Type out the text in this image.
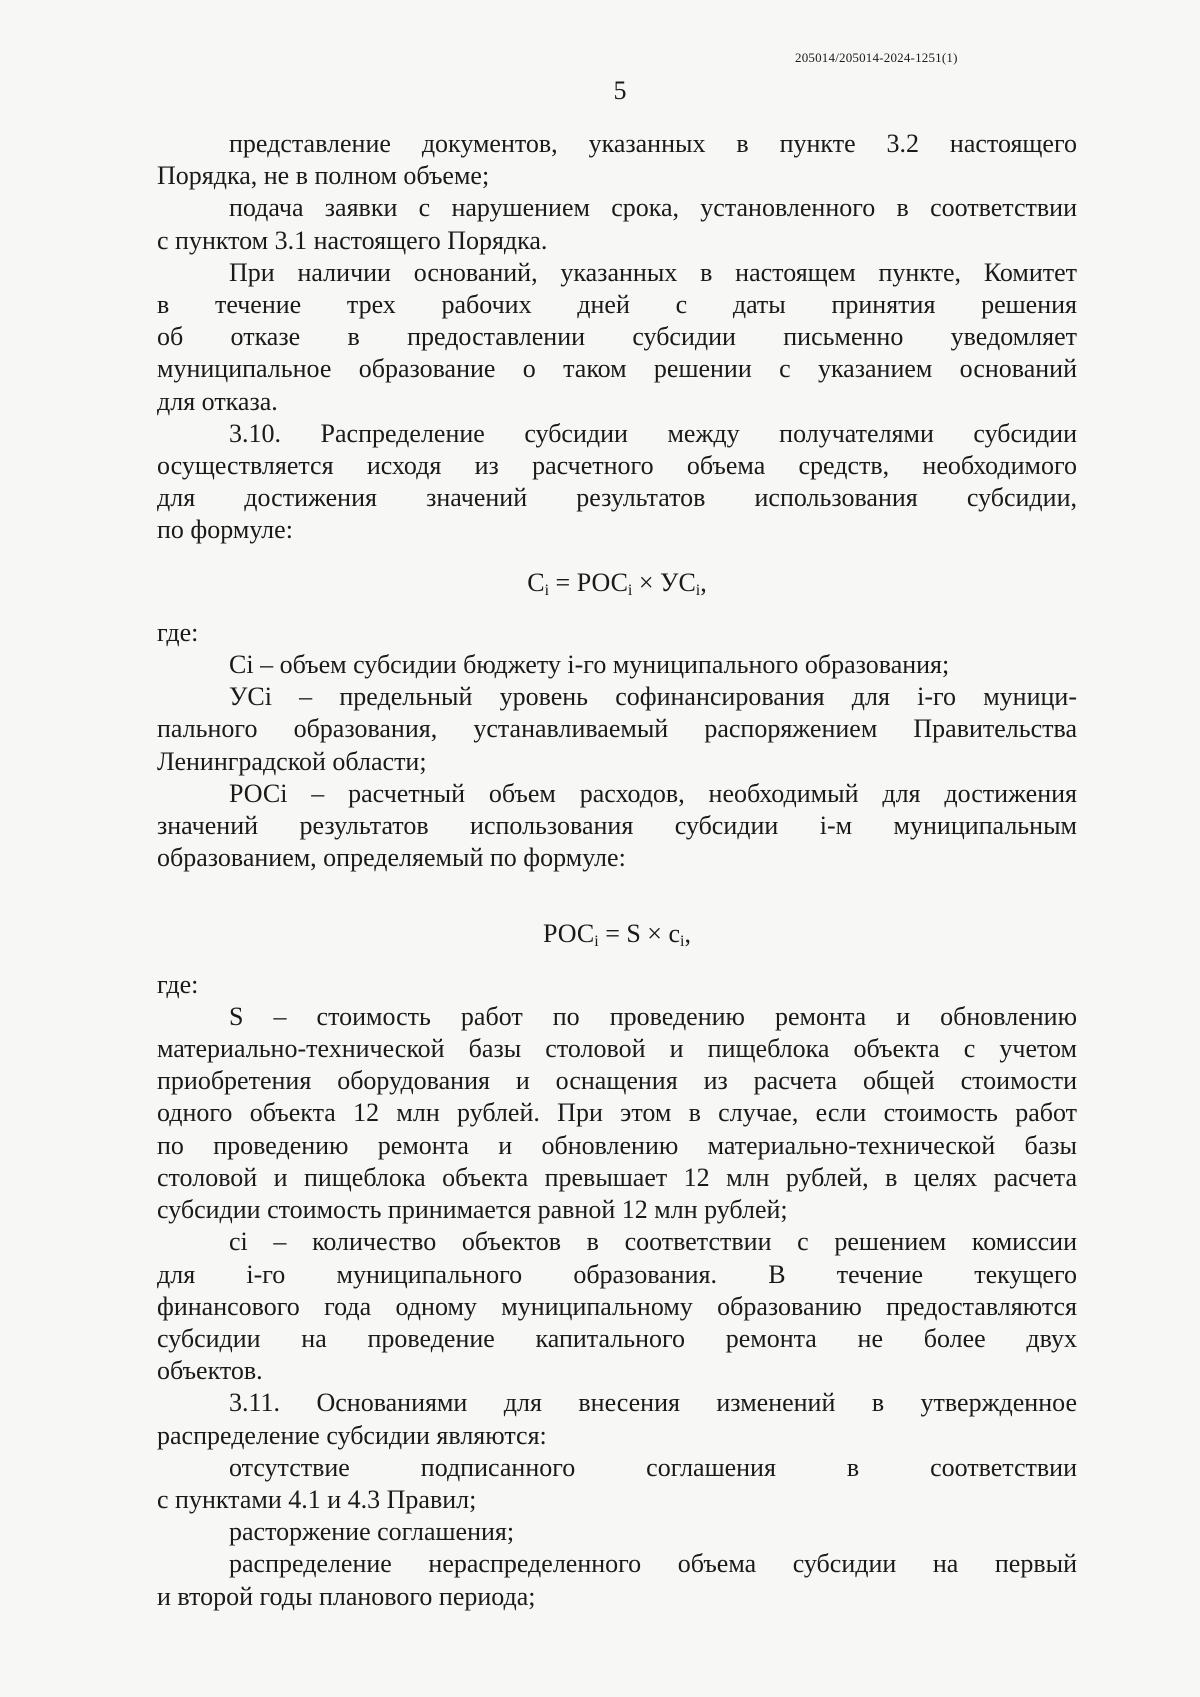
205014/205014-2024-1251(1)
5

представление документов, указанных в пункте 3.2 настоящего
Порядка, не в полном объеме;

подача заявки с нарушением срока, установленного в соответствии
с пунктом 3.1 настоящего Порядка.

При наличии оснований, указанных в настоящем пункте, Комитет
в течение трех рабочих дней с даты принятия решения
об отказе в предоставлении субсидии письменно уведомляет
муниципальное образование о таком решении с указанием оснований
для отказа.

3.10. Распределение субсидии между получателями субсидии
осуществляется исходя из расчетного объема средств, необходимого
для достижения значений результатов использования субсидии,
по формуле:

$C_i = РОС_i \times УС_i$,

где:

Ci – объем субсидии бюджету i-го муниципального образования;

УСi – предельный уровень софинансирования для i-го муници-
пального образования, устанавливаемый распоряжением Правительства
Ленинградской области;

РОСi – расчетный объем расходов, необходимый для достижения
значений результатов использования субсидии i-м муниципальным
образованием, определяемый по формуле:

$РОС_i = S \times c_i$,

где:

S – стоимость работ по проведению ремонта и обновлению
материально-технической базы столовой и пищеблока объекта с учетом
приобретения оборудования и оснащения из расчета общей стоимости
одного объекта 12 млн рублей. При этом в случае, если стоимость работ
по проведению ремонта и обновлению материально-технической базы
столовой и пищеблока объекта превышает 12 млн рублей, в целях расчета
субсидии стоимость принимается равной 12 млн рублей;

ci – количество объектов в соответствии с решением комиссии
для i-го муниципального образования. В течение текущего
финансового года одному муниципальному образованию предоставляются
субсидии на проведение капитального ремонта не более двух
объектов.

3.11. Основаниями для внесения изменений в утвержденное
распределение субсидии являются:

отсутствие подписанного соглашения в соответствии
с пунктами 4.1 и 4.3 Правил;

расторжение соглашения;

распределение нераспределенного объема субсидии на первый
и второй годы планового периода;
